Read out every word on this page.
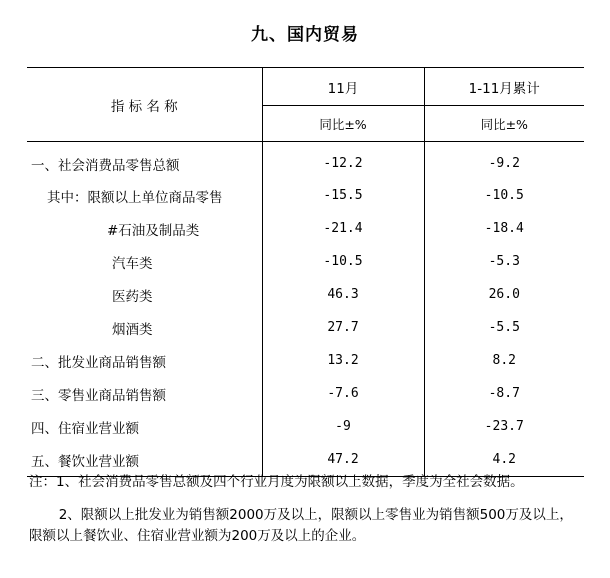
九、国内贸易
指 标 名 称	11月	1-11月累计
	同比±%	同比±%
一、社会消费品零售总额	-12.2	-9.2
其中：限额以上单位商品零售	-15.5	-10.5
#石油及制品类	-21.4	-18.4
汽车类	-10.5	-5.3
医药类	46.3	26.0
烟酒类	27.7	-5.5
二、批发业商品销售额	13.2	8.2
三、零售业商品销售额	-7.6	-8.7
四、住宿业营业额	-9	-23.7
五、餐饮业营业额	47.2	4.2

注：1、社会消费品零售总额及四个行业月度为限额以上数据，季度为全社会数据。

2、限额以上批发业为销售额2000万及以上，限额以上零售业为销售额500万及以上，限额以上餐饮业、住宿业营业额为200万及以上的企业。
